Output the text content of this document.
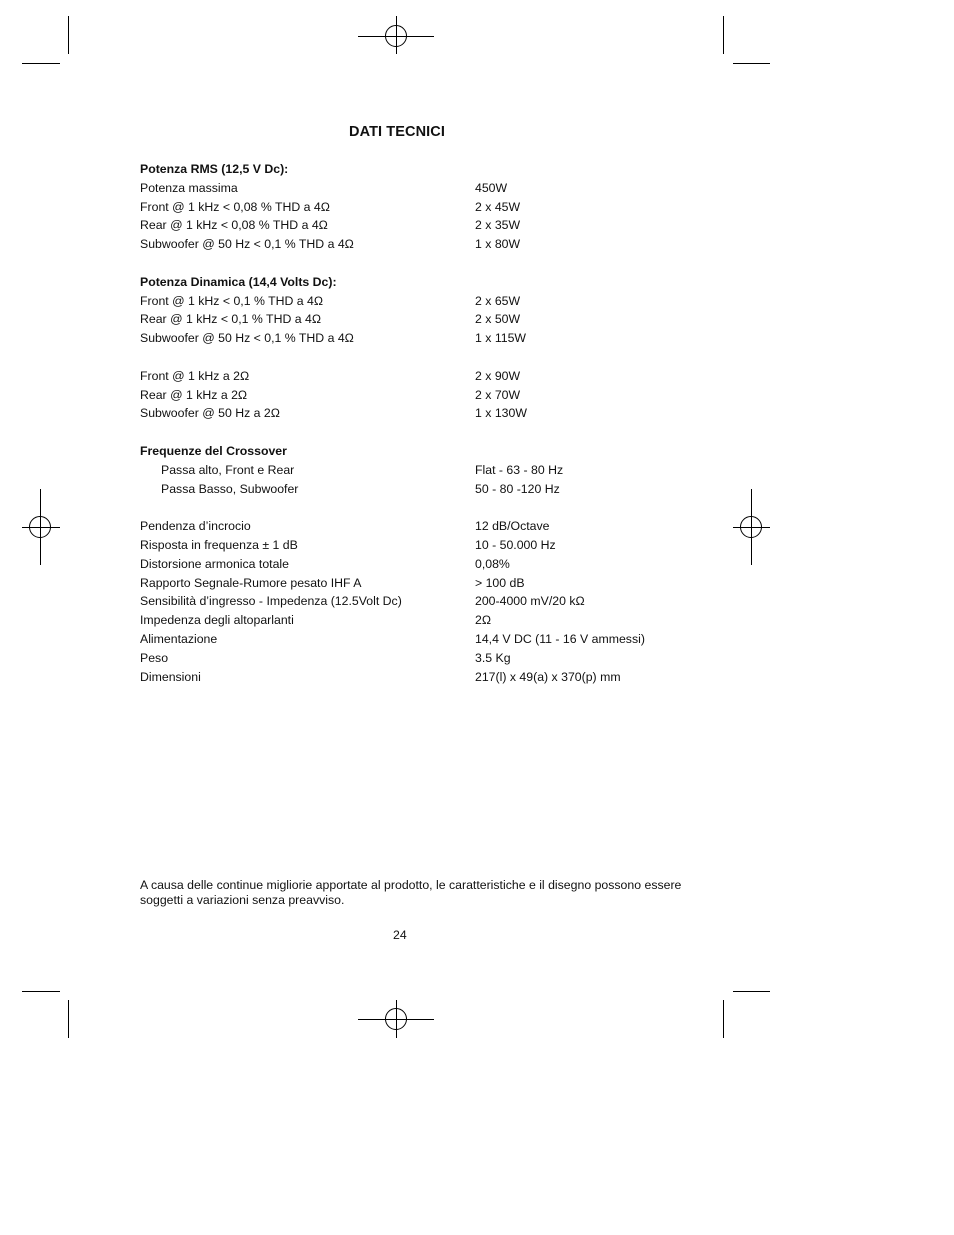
DATI TECNICI
Potenza RMS (12,5 V Dc):
Potenza massima	450W
Front @ 1 kHz < 0,08 % THD a 4Ω	2 x 45W
Rear @ 1 kHz < 0,08 % THD a 4Ω	2 x 35W
Subwoofer @ 50 Hz < 0,1 % THD a 4Ω	1 x 80W
Potenza Dinamica (14,4 Volts Dc):
Front @ 1 kHz < 0,1 % THD a 4Ω	2 x 65W
Rear @ 1 kHz < 0,1 % THD a 4Ω	2 x 50W
Subwoofer @ 50 Hz < 0,1 % THD a 4Ω	1 x 115W
Front @ 1 kHz a 2Ω	2 x 90W
Rear @ 1 kHz a 2Ω	2 x 70W
Subwoofer @ 50 Hz a 2Ω	1 x 130W
Frequenze del Crossover
Passa alto, Front e Rear	Flat - 63 - 80 Hz
Passa Basso, Subwoofer	50 - 80 -120 Hz
Pendenza d’incrocio	12 dB/Octave
Risposta in frequenza ± 1 dB	10 - 50.000 Hz
Distorsione armonica totale	0,08%
Rapporto Segnale-Rumore pesato IHF A	> 100 dB
Sensibilità d’ingresso - Impedenza (12.5Volt Dc)	200-4000 mV/20 kΩ
Impedenza degli altoparlanti	2Ω
Alimentazione	14,4 V DC (11 - 16 V ammessi)
Peso	3.5 Kg
Dimensioni	217(l) x 49(a) x 370(p) mm
A causa delle continue migliorie apportate al prodotto, le caratteristiche e il disegno possono essere soggetti a variazioni senza preavviso.
24
